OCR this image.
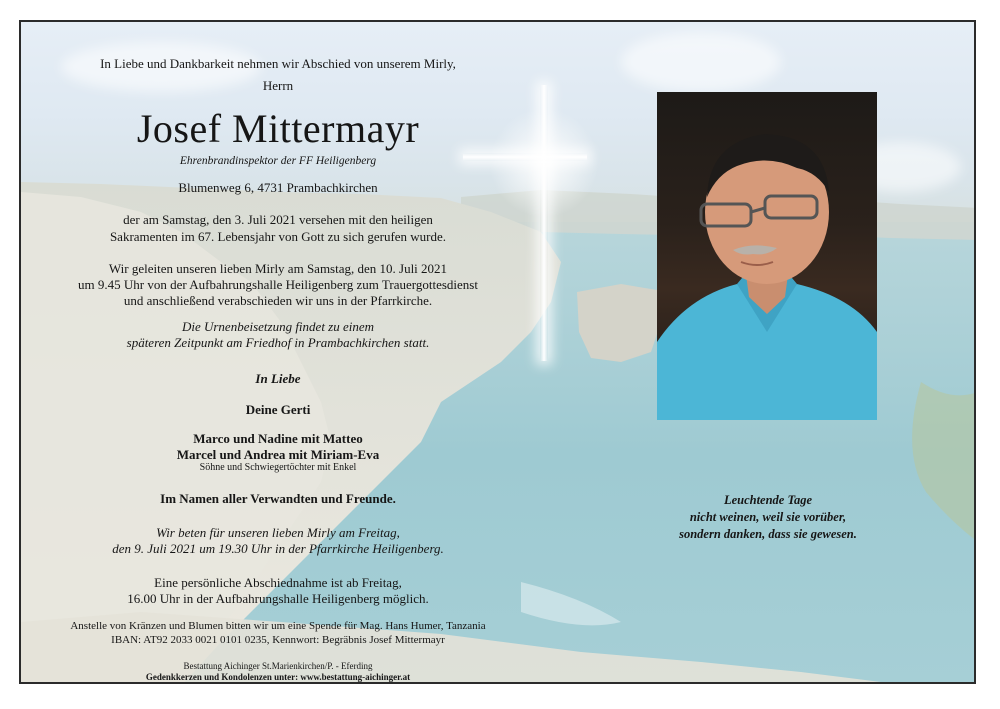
In Liebe und Dankbarkeit nehmen wir Abschied von unserem Mirly,
Herrn
Josef Mittermayr
Ehrenbrandinspektor der FF Heiligenberg
Blumenweg 6, 4731 Prambachkirchen
der am Samstag, den 3. Juli 2021 versehen mit den heiligen
Sakramenten im 67. Lebensjahr von Gott zu sich gerufen wurde.
Wir geleiten unseren lieben Mirly am Samstag, den 10. Juli 2021
um 9.45 Uhr von der Aufbahrungshalle Heiligenberg zum Trauergottesdienst
und anschließend verabschieden wir uns in der Pfarrkirche.
Die Urnenbeisetzung findet zu einem
späteren Zeitpunkt am Friedhof in Prambachkirchen statt.
In Liebe
Deine Gerti
Marco und Nadine mit Matteo
Marcel und Andrea mit Miriam-Eva
Söhne und Schwiegertöchter mit Enkel
Im Namen aller Verwandten und Freunde.
Wir beten für unseren lieben Mirly am Freitag,
den 9. Juli 2021 um 19.30 Uhr in der Pfarrkirche Heiligenberg.
Eine persönliche Abschiednahme ist ab Freitag,
16.00 Uhr in der Aufbahrungshalle Heiligenberg möglich.
Anstelle von Kränzen und Blumen bitten wir um eine Spende für Mag. Hans Humer, Tanzania
IBAN: AT92 2033 0021 0101 0235, Kennwort: Begräbnis Josef Mittermayr
Bestattung Aichinger St.Marienkirchen/P. - Eferding
Gedenkkerzen und Kondolenzen unter: www.bestattung-aichinger.at
Leuchtende Tage
nicht weinen, weil sie vorüber,
sondern danken, dass sie gewesen.
